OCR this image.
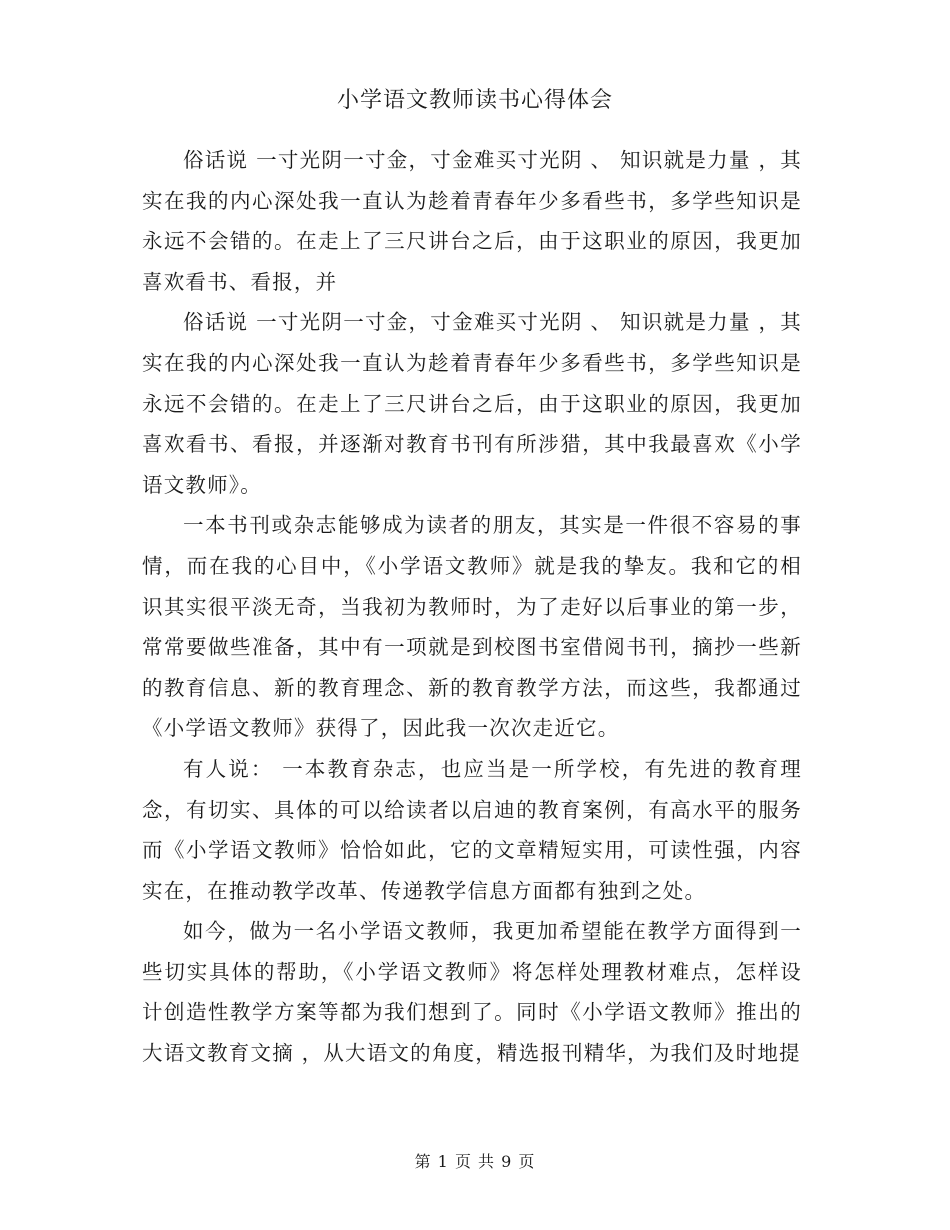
小学语文教师读书心得体会

俗话说 一寸光阴一寸金，寸金难买寸光阴 、 知识就是力量 ，其实在我的内心深处我一直认为趁着青春年少多看些书，多学些知识是永远不会错的。在走上了三尺讲台之后，由于这职业的原因，我更加喜欢看书、看报，并

俗话说 一寸光阴一寸金，寸金难买寸光阴 、 知识就是力量 ，其实在我的内心深处我一直认为趁着青春年少多看些书，多学些知识是永远不会错的。在走上了三尺讲台之后，由于这职业的原因，我更加喜欢看书、看报，并逐渐对教育书刊有所涉猎，其中我最喜欢《小学语文教师》。

一本书刊或杂志能够成为读者的朋友，其实是一件很不容易的事情，而在我的心目中，《小学语文教师》就是我的挚友。我和它的相识其实很平淡无奇，当我初为教师时，为了走好以后事业的第一步，常常要做些准备，其中有一项就是到校图书室借阅书刊，摘抄一些新的教育信息、新的教育理念、新的教育教学方法，而这些，我都通过《小学语文教师》获得了，因此我一次次走近它。

有人说： 一本教育杂志，也应当是一所学校，有先进的教育理念，有切实、具体的可以给读者以启迪的教育案例，有高水平的服务而《小学语文教师》恰恰如此，它的文章精短实用，可读性强，内容实在，在推动教学改革、传递教学信息方面都有独到之处。

如今，做为一名小学语文教师，我更加希望能在教学方面得到一些切实具体的帮助，《小学语文教师》将怎样处理教材难点，怎样设计创造性教学方案等都为我们想到了。同时《小学语文教师》推出的大语文教育文摘 ，从大语文的角度，精选报刊精华，为我们及时地提

第 1 页 共 9 页
